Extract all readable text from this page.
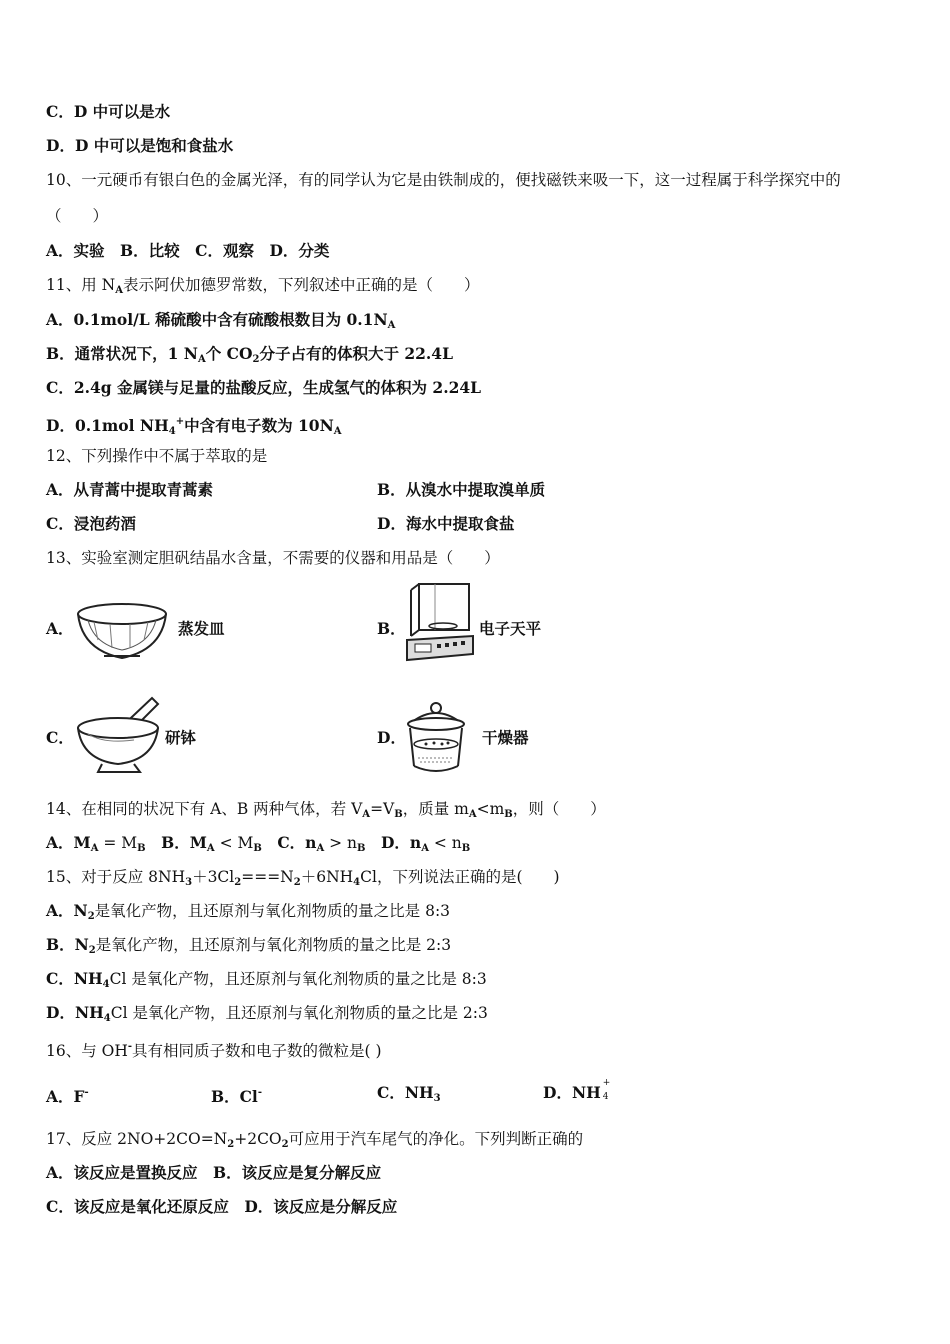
C．D 中可以是水
D．D 中可以是饱和食盐水
10、一元硬币有银白色的金属光泽，有的同学认为它是由铁制成的，便找磁铁来吸一下，这一过程属于科学探究中的
（　　）
A．实验　B．比较　C．观察　D．分类
11、用 $N_A$表示阿伏加德罗常数，下列叙述中正确的是（　　）
A．0.1mol/L 稀硫酸中含有硫酸根数目为 $0.1N_A$
B．通常状况下，1 $N_A$个 $CO_2$分子占有的体积大于 22.4L
C．2.4g 金属镁与足量的盐酸反应，生成氢气的体积为 2.24L
D．0.1mol $NH_4^+$中含有电子数为 $10N_A$
12、下列操作中不属于萃取的是
A．从青蒿中提取青蒿素	B．从溴水中提取溴单质
C．浸泡药酒	D．海水中提取食盐
13、实验室测定胆矾结晶水含量，不需要的仪器和用品是（　　）
A．	蒸发皿	B．	电子天平
C．	研钵	D．	干燥器
14、在相同的状况下有 A、B 两种气体，若 $V_A=V_B$，质量 $m_A<m_B$，则（　　）
A．$M_A = M_B$　B．$M_A < M_B$　C．$n_A > n_B$　D．$n_A < n_B$
15、对于反应 $8NH_3+3Cl_2===N_2+6NH_4Cl$，下列说法正确的是(　　)
A．$N_2$是氧化产物，且还原剂与氧化剂物质的量之比是 8:3
B．$N_2$是氧化产物，且还原剂与氧化剂物质的量之比是 2:3
C．$NH_4Cl$ 是氧化产物，且还原剂与氧化剂物质的量之比是 8:3
D．$NH_4Cl$ 是氧化产物，且还原剂与氧化剂物质的量之比是 2:3
16、与 OH-具有相同质子数和电子数的微粒是( )
A．F-	B．Cl-	C．$NH_3$	D．NH +
4
17、反应 $2NO+2CO=N_2+2CO_2$可应用于汽车尾气的净化。下列判断正确的
A．该反应是置换反应　B．该反应是复分解反应
C．该反应是氧化还原反应　D．该反应是分解反应
